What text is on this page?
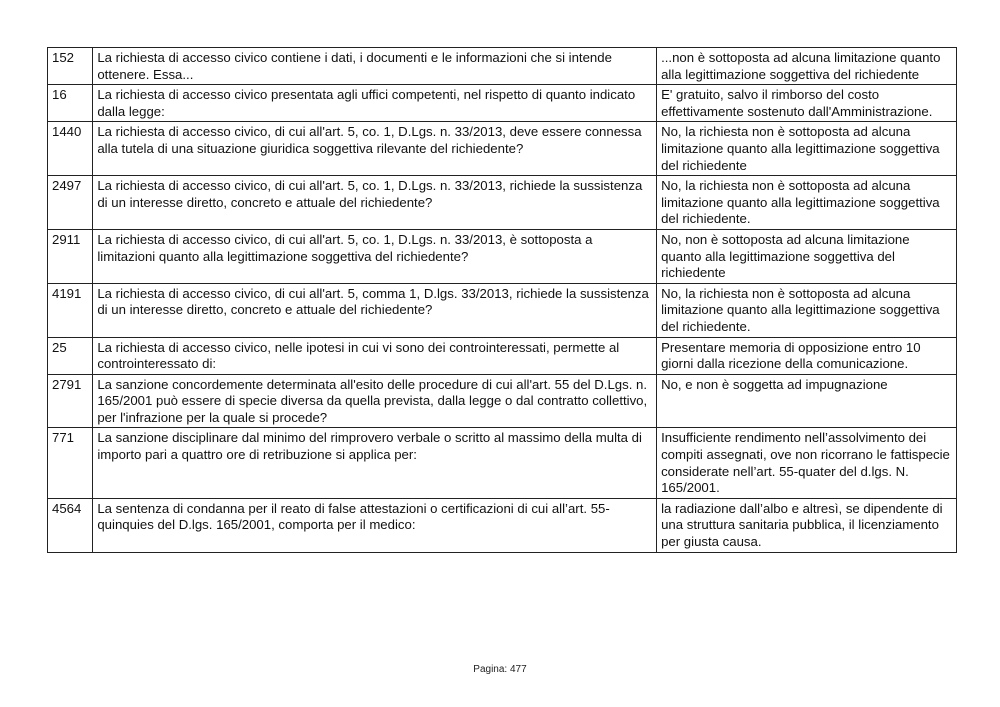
152	La richiesta di accesso civico contiene i dati, i documenti e le informazioni che si intende ottenere. Essa...	...non è sottoposta ad alcuna limitazione quanto alla legittimazione soggettiva del richiedente
16	La richiesta di accesso civico presentata agli uffici competenti, nel rispetto di quanto indicato dalla legge:	E' gratuito, salvo il rimborso del costo effettivamente sostenuto dall'Amministrazione.
1440	La richiesta di accesso civico, di cui all'art. 5, co. 1, D.Lgs. n. 33/2013, deve essere connessa alla tutela di una situazione giuridica soggettiva rilevante del richiedente?	No, la richiesta non è sottoposta ad alcuna limitazione quanto alla legittimazione soggettiva del richiedente
2497	La richiesta di accesso civico, di cui all'art. 5, co. 1, D.Lgs. n. 33/2013, richiede la sussistenza di un interesse diretto, concreto e attuale del richiedente?	No, la richiesta non è sottoposta ad alcuna limitazione quanto alla legittimazione soggettiva del richiedente.
2911	La richiesta di accesso civico, di cui all'art. 5, co. 1, D.Lgs. n. 33/2013, è sottoposta a limitazioni quanto alla legittimazione soggettiva del richiedente?	No, non è sottoposta ad alcuna limitazione quanto alla legittimazione soggettiva del richiedente
4191	La richiesta di accesso civico, di cui all'art. 5, comma 1, D.lgs. 33/2013, richiede la sussistenza di un interesse diretto, concreto e attuale del richiedente?	No, la richiesta non è sottoposta ad alcuna limitazione quanto alla legittimazione soggettiva del richiedente.
25	La richiesta di accesso civico, nelle ipotesi in cui vi sono dei controinteressati, permette al controinteressato di:	Presentare memoria di opposizione entro 10 giorni dalla ricezione della comunicazione.
2791	La sanzione concordemente determinata all'esito delle procedure di cui all'art. 55 del D.Lgs. n. 165/2001 può essere di specie diversa da quella prevista, dalla legge o dal contratto collettivo, per l'infrazione per la quale si procede?	No, e non è soggetta ad impugnazione
771	La sanzione disciplinare dal minimo del rimprovero verbale o scritto al massimo della multa di importo pari a quattro ore di retribuzione si applica per:	Insufficiente rendimento nell’assolvimento dei compiti assegnati, ove non ricorrano le fattispecie considerate nell’art. 55-quater del d.lgs. N. 165/2001.
4564	La sentenza di condanna per il reato di false attestazioni o certificazioni di cui all’art. 55-quinquies del D.lgs. 165/2001, comporta per il medico:	la radiazione dall’albo e altresì, se dipendente di una struttura sanitaria pubblica, il licenziamento per giusta causa.
Pagina: 477
